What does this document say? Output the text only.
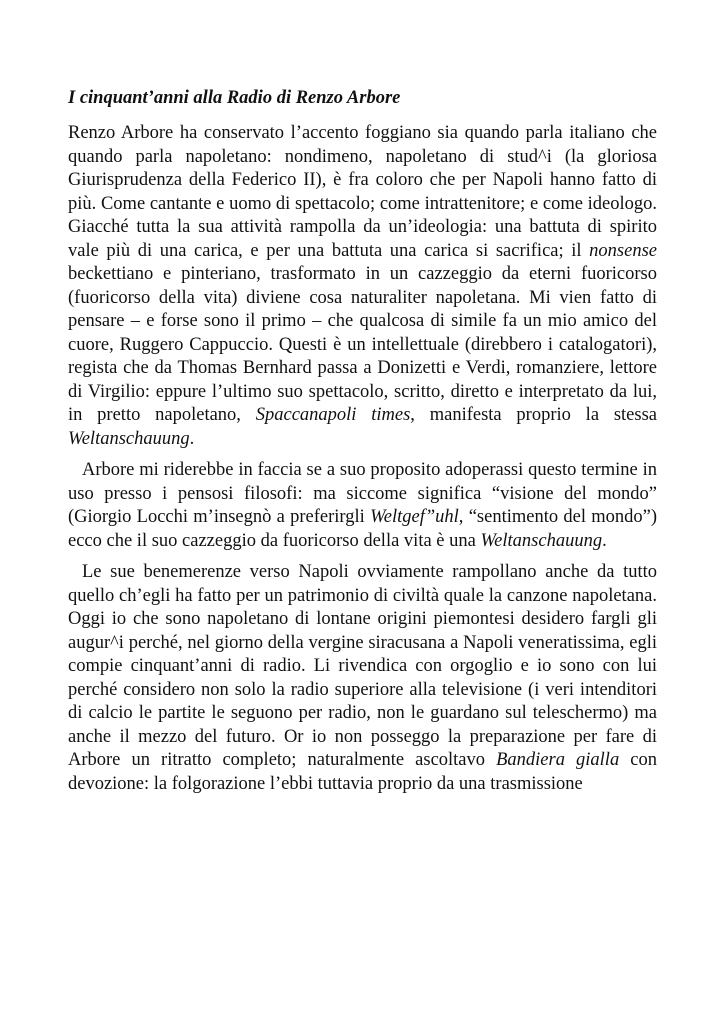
I cinquant’anni alla Radio di Renzo Arbore

Renzo Arbore ha conservato l’accento foggiano sia quando parla italiano che quando parla napoletano: nondimeno, napoletano di stud^i (la gloriosa Giurisprudenza della Federico II), è fra coloro che per Napoli hanno fatto di più. Come cantante e uomo di spettacolo; come intrattenitore; e come ideologo. Giacché tutta la sua attività rampolla da un’ideologia: una battuta di spirito vale più di una carica, e per una battuta una carica si sacrifica; il nonsense beckettiano e pinteriano, trasformato in un cazzeggio da eterni fuoricorso (fuoricorso della vita) diviene cosa naturaliter napoletana. Mi vien fatto di pensare – e forse sono il primo – che qualcosa di simile fa un mio amico del cuore, Ruggero Cappuccio. Questi è un intellettuale (direbbero i catalogatori), regista che da Thomas Bernhard passa a Donizetti e Verdi, romanziere, lettore di Virgilio: eppure l’ultimo suo spettacolo, scritto, diretto e interpretato da lui, in pretto napoletano, Spaccanapoli times, manifesta proprio la stessa Weltanschauung.

Arbore mi riderebbe in faccia se a suo proposito adoperassi questo termine in uso presso i pensosi filosofi: ma siccome significa “visione del mondo” (Giorgio Locchi m’insegnò a preferirgli Weltgef”uhl, “sentimento del mondo”) ecco che il suo cazzeggio da fuoricorso della vita è una Weltanschauung.

Le sue benemerenze verso Napoli ovviamente rampollano anche da tutto quello ch’egli ha fatto per un patrimonio di civiltà quale la canzone napoletana. Oggi io che sono napoletano di lontane origini piemontesi desidero fargli gli augur^i perché, nel giorno della vergine siracusana a Napoli veneratissima, egli compie cinquant’anni di radio. Li rivendica con orgoglio e io sono con lui perché considero non solo la radio superiore alla televisione (i veri intenditori di calcio le partite le seguono per radio, non le guardano sul teleschermo) ma anche il mezzo del futuro. Or io non posseggo la preparazione per fare di Arbore un ritratto completo; naturalmente ascoltavo Bandiera gialla con devozione: la folgorazione l’ebbi tuttavia proprio da una trasmissione
